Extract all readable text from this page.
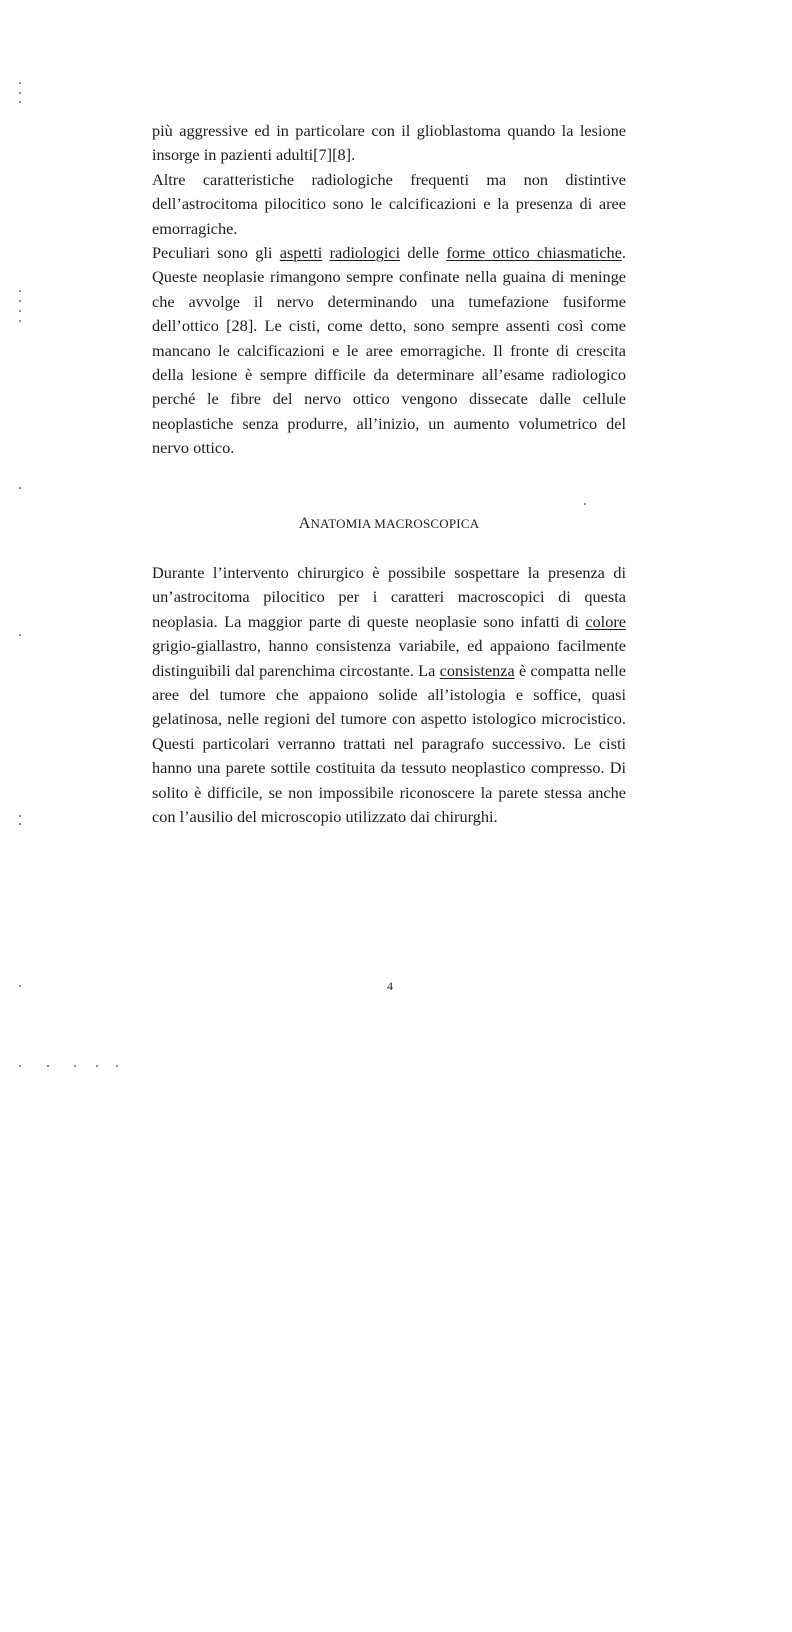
più aggressive ed in particolare con il glioblastoma quando la lesione insorge in pazienti adulti[7][8].

Altre caratteristiche radiologiche frequenti ma non distintive dell’astrocitoma pilocitico sono le calcificazioni e la presenza di aree emorragiche.

Peculiari sono gli aspetti radiologici delle forme ottico chiasmatiche. Queste neoplasie rimangono sempre confinate nella guaina di meninge che avvolge il nervo determinando una tumefazione fusiforme dell’ottico [28]. Le cisti, come detto, sono sempre assenti così come mancano le calcificazioni e le aree emorragiche. Il fronte di crescita della lesione è sempre difficile da determinare all’esame radiologico perché le fibre del nervo ottico vengono dissecate dalle cellule neoplastiche senza produrre, all’inizio, un aumento volumetrico del nervo ottico.

ANATOMIA MACROSCOPICA

Durante l’intervento chirurgico è possibile sospettare la presenza di un’astrocitoma pilocitico per i caratteri macroscopici di questa neoplasia. La maggior parte di queste neoplasie sono infatti di colore grigio-giallastro, hanno consistenza variabile, ed appaiono facilmente distinguibili dal parenchima circostante. La consistenza è compatta nelle aree del tumore che appaiono solide all’istologia e soffice, quasi gelatinosa, nelle regioni del tumore con aspetto istologico microcistico. Questi particolari verranno trattati nel paragrafo successivo. Le cisti hanno una parete sottile costituita da tessuto neoplastico compresso. Di solito è difficile, se non impossibile riconoscere la parete stessa anche con l’ausilio del microscopio utilizzato dai chirurghi.

4
